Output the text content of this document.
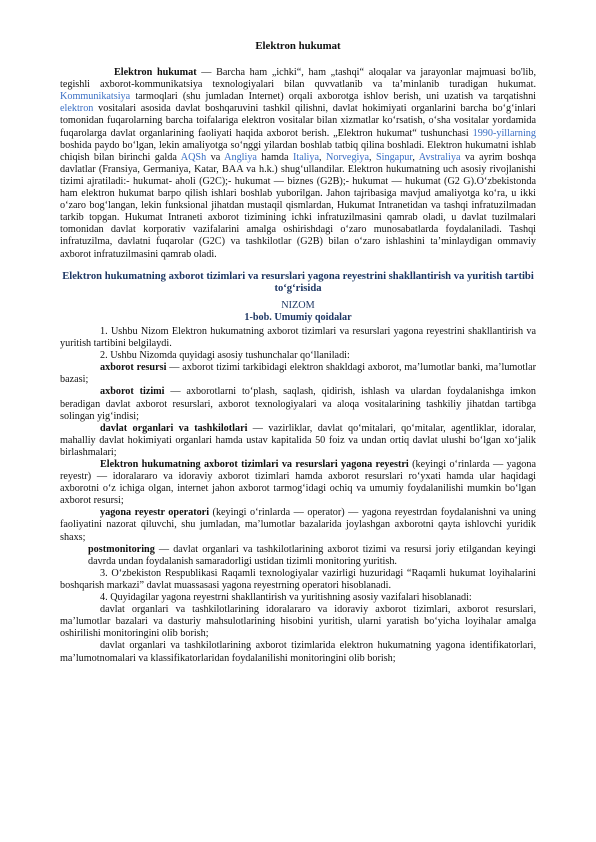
Elektron hukumat

Elektron hukumat — Barcha ham „ichki“, ham „tashqi“ aloqalar va jarayonlar majmuasi bo'lib, tegishli axborot-kommunikatsiya texnologiyalari bilan quvvatlanib va ta’minlanib turadigan hukumat. Kommunikatsiya tarmoqlari (shu jumladan Internet) orqali axborotga ishlov berish, uni uzatish va tarqatishni elektron vositalari asosida davlat boshqaruvini tashkil qilishni, davlat hokimiyati organlarini barcha boʻgʻinlari tomonidan fuqarolarning barcha toifalariga elektron vositalar bilan xizmatlar koʻrsatish, oʻsha vositalar yordamida fuqarolarga davlat organlarining faoliyati haqida axborot berish. „Elektron hukumat“ tushunchasi 1990-yillarning boshida paydo boʻlgan, lekin amaliyotga soʻnggi yilardan boshlab tatbiq qilina boshladi. Elektron hukumatni ishlab chiqish bilan birinchi galda AQSh va Angliya hamda Italiya, Norvegiya, Singapur, Avstraliya va ayrim boshqa davlatlar (Fransiya, Germaniya, Katar, BAA va h.k.) shugʻullandilar. Elektron hukumatning uch asosiy rivojlanishi tizimi ajratiladi:- hukumat- aholi (G2C);- hukumat — biznes (G2B);- hukumat — hukumat (G2 G).Oʻzbekistonda ham elektron hukumat barpo qilish ishlari boshlab yuborilgan. Jahon tajribasiga mavjud amaliyotga koʻra, u ikki oʻzaro bogʻlangan, lekin funksional jihatdan mustaqil qismlardan, Hukumat Intranetidan va tashqi infratuzilmadan tarkib topgan. Hukumat Intraneti axborot tizimining ichki infratuzilmasini qamrab oladi, u davlat tuzilmalari tomonidan davlat korporativ vazifalarini amalga oshirishdagi oʻzaro munosabatlarda foydalaniladi. Tashqi infratuzilma, davlatni fuqarolar (G2C) va tashkilotlar (G2B) bilan oʻzaro ishlashini ta’minlaydigan ommaviy axborot infratuzilmasini qamrab oladi.

Elektron hukumatning axborot tizimlari va resurslari yagona reyestrini shakllantirish va yuritish tartibi toʻgʻrisida
NIZOM
1-bob. Umumiy qoidalar

1. Ushbu Nizom Elektron hukumatning axborot tizimlari va resurslari yagona reyestrini shakllantirish va yuritish tartibini belgilaydi.

2. Ushbu Nizomda quyidagi asosiy tushunchalar qoʻllaniladi:

axborot resursi — axborot tizimi tarkibidagi elektron shakldagi axborot, ma’lumotlar banki, ma’lumotlar bazasi;

axborot tizimi — axborotlarni toʻplash, saqlash, qidirish, ishlash va ulardan foydalanishga imkon beradigan davlat axborot resurslari, axborot texnologiyalari va aloqa vositalarining tashkiliy jihatdan tartibga solingan yigʻindisi;

davlat organlari va tashkilotlari — vazirliklar, davlat qoʻmitalari, qoʻmitalar, agentliklar, idoralar, mahalliy davlat hokimiyati organlari hamda ustav kapitalida 50 foiz va undan ortiq davlat ulushi boʻlgan xoʻjalik birlashmalari;

Elektron hukumatning axborot tizimlari va resurslari yagona reyestri (keyingi oʻrinlarda — yagona reyestr) — idoralararo va idoraviy axborot tizimlari hamda axborot resurslari roʻyxati hamda ular haqidagi axborotni oʻz ichiga olgan, internet jahon axborot tarmogʻidagi ochiq va umumiy foydalanilishi mumkin boʻlgan axborot resursi;

yagona reyestr operatori (keyingi oʻrinlarda — operator) — yagona reyestrdan foydalanishni va uning faoliyatini nazorat qiluvchi, shu jumladan, ma’lumotlar bazalarida joylashgan axborotni qayta ishlovchi yuridik shaxs;

postmonitoring — davlat organlari va tashkilotlarining axborot tizimi va resursi joriy etilgandan keyingi davrda undan foydalanish samaradorligi ustidan tizimli monitoring yuritish.

3. Oʻzbekiston Respublikasi Raqamli texnologiyalar vazirligi huzuridagi “Raqamli hukumat loyihalarini boshqarish markazi” davlat muassasasi yagona reyestrning operatori hisoblanadi.

4. Quyidagilar yagona reyestrni shakllantirish va yuritishning asosiy vazifalari hisoblanadi:

davlat organlari va tashkilotlarining idoralararo va idoraviy axborot tizimlari, axborot resurslari, ma’lumotlar bazalari va dasturiy mahsulotlarining hisobini yuritish, ularni yaratish boʻyicha loyihalar amalga oshirilishi monitoringini olib borish;

davlat organlari va tashkilotlarining axborot tizimlarida elektron hukumatning yagona identifikatorlari, ma’lumotnomalari va klassifikatorlaridan foydalanilishi monitoringini olib borish;
